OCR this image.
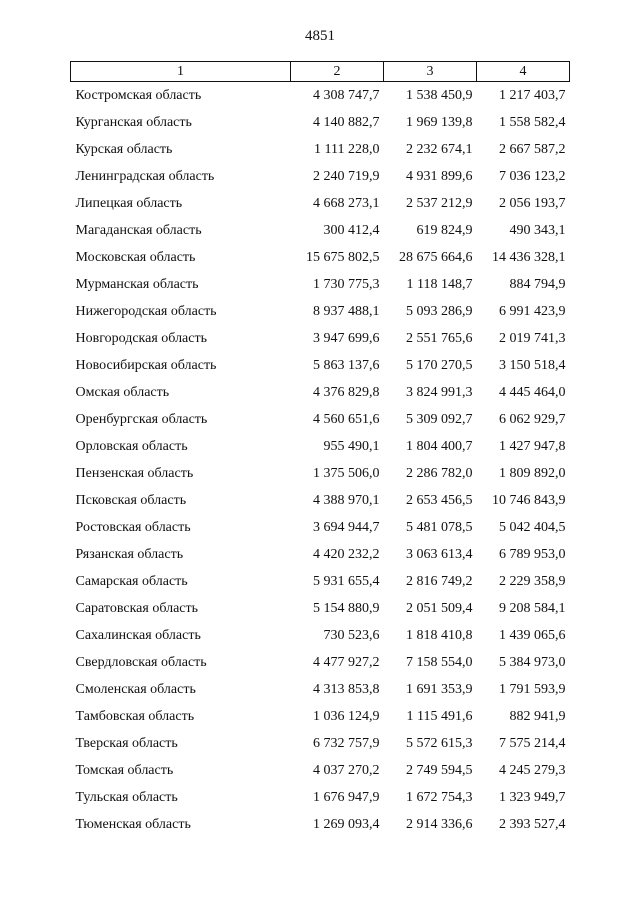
4851
1	2	3	4
Костромская область	4 308 747,7	1 538 450,9	1 217 403,7
Курганская область	4 140 882,7	1 969 139,8	1 558 582,4
Курская область	1 111 228,0	2 232 674,1	2 667 587,2
Ленинградская область	2 240 719,9	4 931 899,6	7 036 123,2
Липецкая область	4 668 273,1	2 537 212,9	2 056 193,7
Магаданская область	300 412,4	619 824,9	490 343,1
Московская область	15 675 802,5	28 675 664,6	14 436 328,1
Мурманская область	1 730 775,3	1 118 148,7	884 794,9
Нижегородская область	8 937 488,1	5 093 286,9	6 991 423,9
Новгородская область	3 947 699,6	2 551 765,6	2 019 741,3
Новосибирская область	5 863 137,6	5 170 270,5	3 150 518,4
Омская область	4 376 829,8	3 824 991,3	4 445 464,0
Оренбургская область	4 560 651,6	5 309 092,7	6 062 929,7
Орловская область	955 490,1	1 804 400,7	1 427 947,8
Пензенская область	1 375 506,0	2 286 782,0	1 809 892,0
Псковская область	4 388 970,1	2 653 456,5	10 746 843,9
Ростовская область	3 694 944,7	5 481 078,5	5 042 404,5
Рязанская область	4 420 232,2	3 063 613,4	6 789 953,0
Самарская область	5 931 655,4	2 816 749,2	2 229 358,9
Саратовская область	5 154 880,9	2 051 509,4	9 208 584,1
Сахалинская область	730 523,6	1 818 410,8	1 439 065,6
Свердловская область	4 477 927,2	7 158 554,0	5 384 973,0
Смоленская область	4 313 853,8	1 691 353,9	1 791 593,9
Тамбовская область	1 036 124,9	1 115 491,6	882 941,9
Тверская область	6 732 757,9	5 572 615,3	7 575 214,4
Томская область	4 037 270,2	2 749 594,5	4 245 279,3
Тульская область	1 676 947,9	1 672 754,3	1 323 949,7
Тюменская область	1 269 093,4	2 914 336,6	2 393 527,4
